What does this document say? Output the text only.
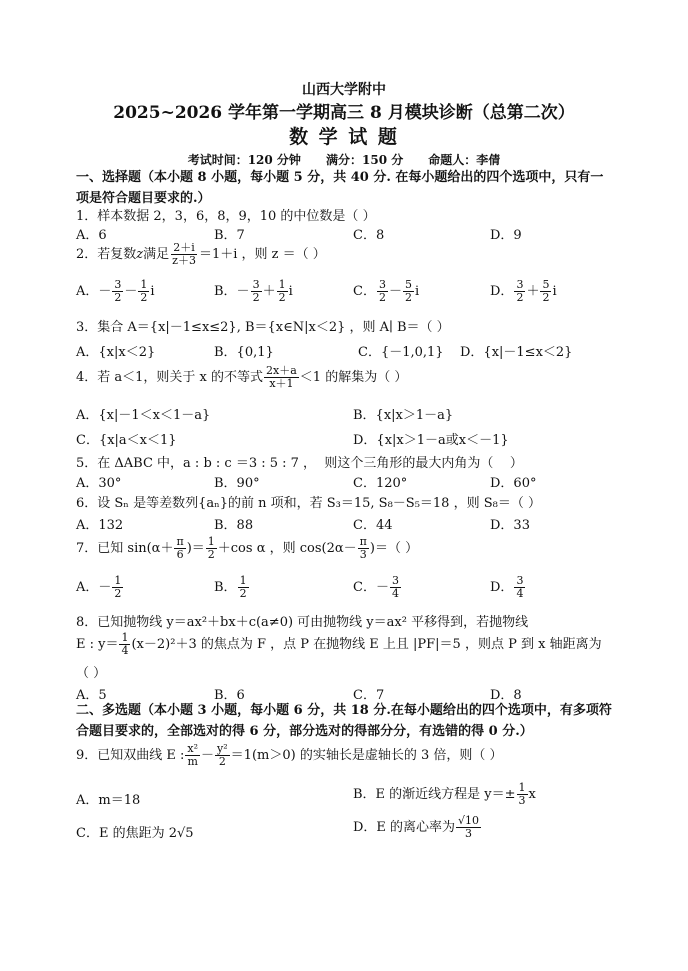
山西大学附中
2025~2026 学年第一学期高三 8 月模块诊断（总第二次）
数 学 试 题
考试时间：120 分钟      满分：150 分      命题人：李倩
一、选择题（本小题 8 小题，每小题 5 分，共 40 分. 在每小题给出的四个选项中，只有一项是符合题目要求的.）
1．样本数据 2，3，6，8，9，10 的中位数是（ ）
A．6	B．7	C．8	D．9
2．若复数z满足 $\frac{2+i}{z+3} =1+i$ ，则 z ＝（ ）
A．－ $\frac{3}{2} - \frac{1}{2}$ i	B．－ $\frac{3}{2} + \frac{1}{2}$ i	C． $\frac{3}{2} - \frac{5}{2}$ i	D． $\frac{3}{2} + \frac{5}{2}$ i
3．集合 A＝{x|－1≤x≤2}, B＝{x∈N|x＜2} ，则 A∣ B＝（ ）
A．{x|x＜2}	B．{0,1}	C．{－1,0,1} D．{x|－1≤x＜2}
4．若 a＜1，则关于 x 的不等式 $\frac{2x+a}{x+1} <1$ 的解集为（ ）
A．{x|－1＜x＜1－a}	B．{x|x＞1－a}
C．{x|a＜x＜1}	D．{x|x＞1－a或x＜－1}
5．在 ΔABC 中，a : b : c ＝3 : 5 : 7 ，  则这个三角形的最大内角为（    ）
A．30°	B．90°	C．120°	D．60°
6．设 Sₙ 是等差数列{aₙ}的前 n 项和，若 S₃＝15, S₈－S₅＝18 ，则 S₈＝（ ）
A．132	B．88	C．44	D．33
7．已知 $\sin(\alpha+ \frac{\pi}{6}$ )＝ $\frac{1}{2} +\cos$ α ，则 $\cos(2\alpha- \frac{\pi}{3}$ )＝（ ）
A．－ $\frac{1}{2}$	B． $\frac{1}{2}$	C．－ $\frac{3}{4}$	D． $\frac{3}{4}$
8．已知抛物线 y＝ax²＋bx＋c(a≠0) 可由抛物线 y＝ax² 平移得到，若抛物线
E : $y= \frac{1}{4} (x-2)^2+3$ 的焦点为 F ，点 P 在抛物线 E 上且 |PF|＝5 ，则点 P 到 x 轴距离为
（ ）
A．5	B．6	C．7	D．8
二、多选题（本小题 3 小题，每小题 6 分，共 18 分.在每小题给出的四个选项中，有多项符合题目要求的，全部选对的得 6 分，部分选对的得部分分，有选错的得 0 分.）
9．已知双曲线 E : $\frac{\text{x²}}{m} - \frac{\text{y²}}{2} =1(m>0)$ 的实轴长是虚轴长的 3 倍，则（ ）
A．m＝18	B．E 的渐近线方程是 $y=\pm \frac{1}{3}$ x
C．E 的焦距为 2√5	D．E 的离心率为 $\frac{√10}{3}$
